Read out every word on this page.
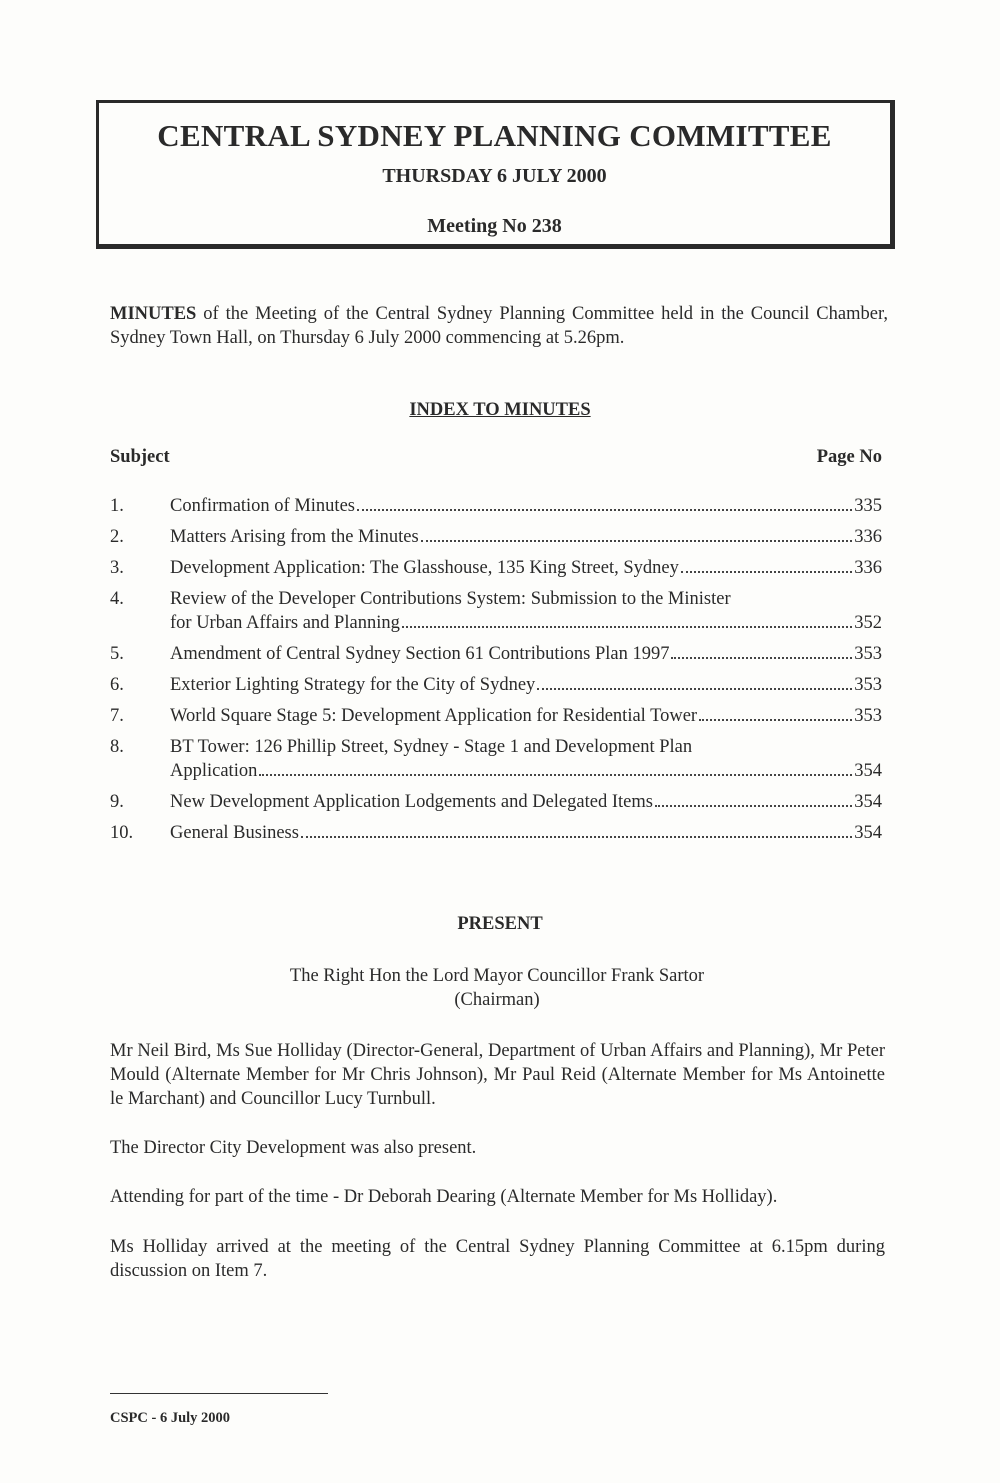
CENTRAL SYDNEY PLANNING COMMITTEE
THURSDAY 6 JULY 2000
Meeting No 238
MINUTES of the Meeting of the Central Sydney Planning Committee held in the Council Chamber, Sydney Town Hall, on Thursday 6 July 2000 commencing at 5.26pm.
INDEX TO MINUTES
Subject	Page No
1. Confirmation of Minutes	335
2. Matters Arising from the Minutes	336
3. Development Application: The Glasshouse, 135 King Street, Sydney	336
4. Review of the Developer Contributions System: Submission to the Minister
for Urban Affairs and Planning	352
5. Amendment of Central Sydney Section 61 Contributions Plan 1997	353
6. Exterior Lighting Strategy for the City of Sydney	353
7. World Square Stage 5: Development Application for Residential Tower	353
8. BT Tower: 126 Phillip Street, Sydney - Stage 1 and Development Plan
Application	354
9. New Development Application Lodgements and Delegated Items	354
10. General Business	354
PRESENT
The Right Hon the Lord Mayor Councillor Frank Sartor
(Chairman)
Mr Neil Bird, Ms Sue Holliday (Director-General, Department of Urban Affairs and Planning), Mr Peter Mould (Alternate Member for Mr Chris Johnson), Mr Paul Reid (Alternate Member for Ms Antoinette le Marchant) and Councillor Lucy Turnbull.
The Director City Development was also present.
Attending for part of the time - Dr Deborah Dearing (Alternate Member for Ms Holliday).
Ms Holliday arrived at the meeting of the Central Sydney Planning Committee at 6.15pm during discussion on Item 7.
CSPC - 6 July 2000
